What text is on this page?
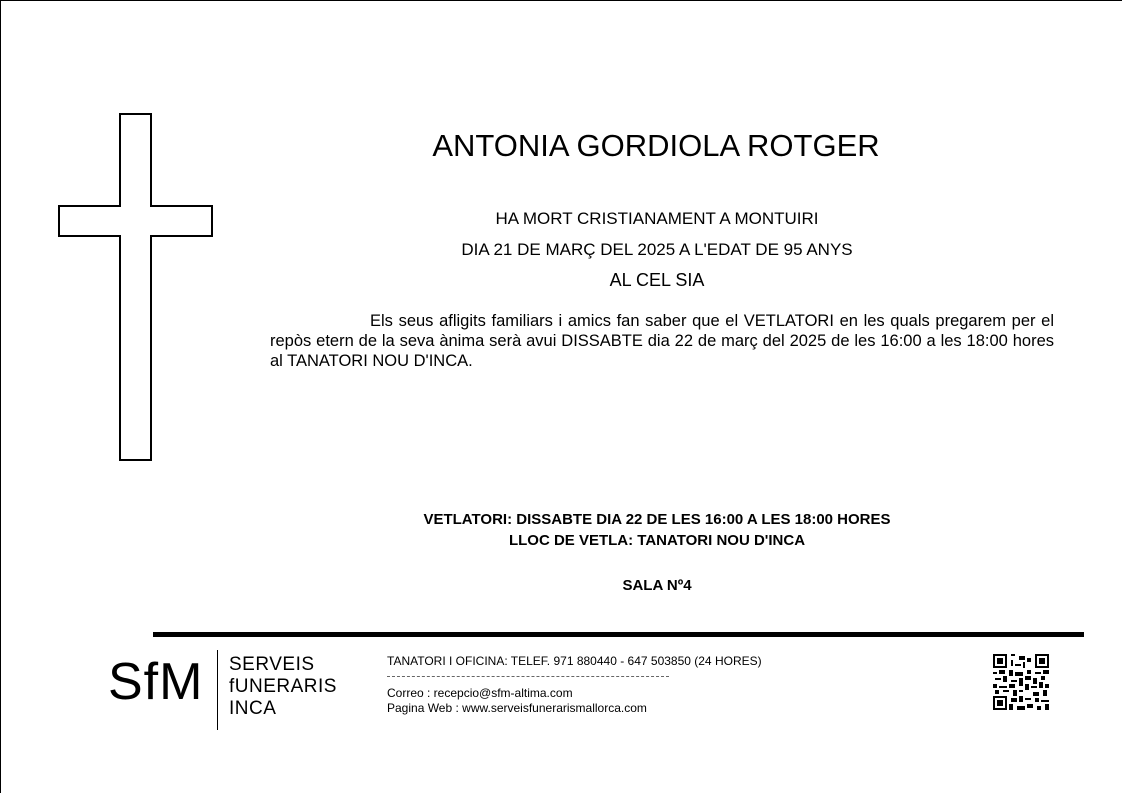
ANTONIA GORDIOLA ROTGER
HA MORT CRISTIANAMENT A MONTUIRI
DIA 21 DE MARÇ DEL 2025 A L'EDAT DE 95 ANYS
AL CEL SIA
Els seus afligits familiars i amics fan saber que el VETLATORI en les quals pregarem per el repòs etern de la seva ànima serà avui DISSABTE dia 22 de març del 2025 de les 16:00 a les 18:00 hores al TANATORI NOU D'INCA.
VETLATORI: DISSABTE DIA 22 DE LES 16:00 A LES 18:00 HORES
LLOC DE VETLA: TANATORI NOU D'INCA
SALA Nº4
SfM SERVEIS
fUNERARIS
INCA
TANATORI I OFICINA: TELEF. 971 880440 - 647 503850 (24 HORES)
Correo : recepcio@sfm-altima.com
Pagina Web : www.serveisfunerarismallorca.com
